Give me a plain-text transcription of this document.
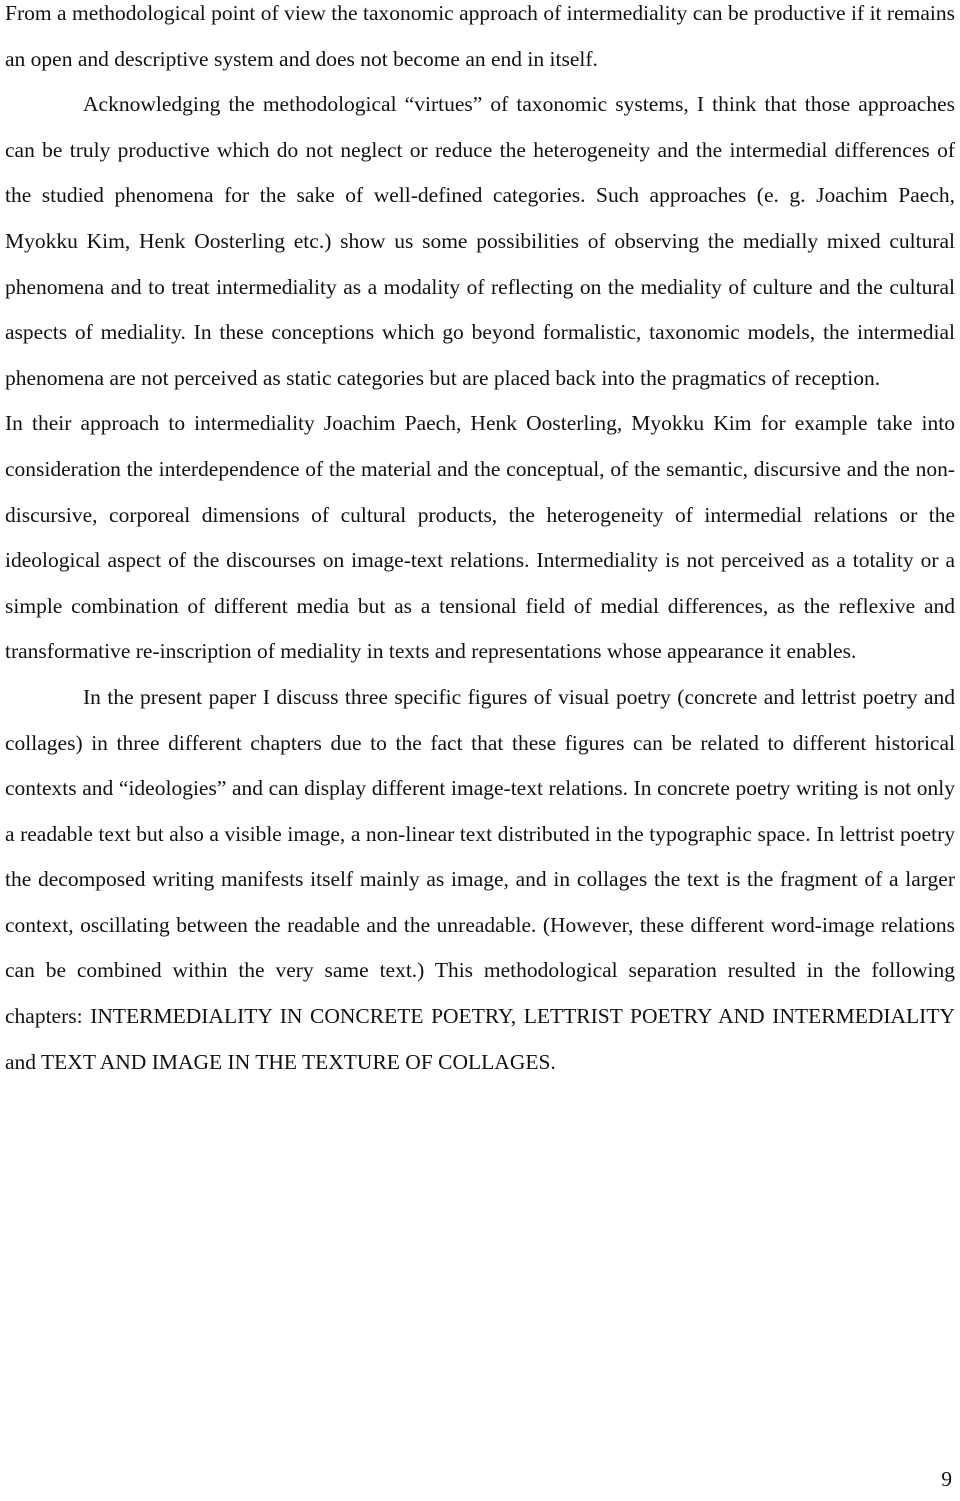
From a methodological point of view the taxonomic approach of intermediality can be productive if it remains an open and descriptive system and does not become an end in itself.

Acknowledging the methodological “virtues” of taxonomic systems, I think that those approaches can be truly productive which do not neglect or reduce the heterogeneity and the intermedial differences of the studied phenomena for the sake of well-defined categories. Such approaches (e. g. Joachim Paech, Myokku Kim, Henk Oosterling etc.) show us some possibilities of observing the medially mixed cultural phenomena and to treat intermediality as a modality of reflecting on the mediality of culture and the cultural aspects of mediality. In these conceptions which go beyond formalistic, taxonomic models, the intermedial phenomena are not perceived as static categories but are placed back into the pragmatics of reception.

In their approach to intermediality Joachim Paech, Henk Oosterling, Myokku Kim for example take into consideration the interdependence of the material and the conceptual, of the semantic, discursive and the non-discursive, corporeal dimensions of cultural products, the heterogeneity of intermedial relations or the ideological aspect of the discourses on image-text relations. Intermediality is not perceived as a totality or a simple combination of different media but as a tensional field of medial differences, as the reflexive and transformative re-inscription of mediality in texts and representations whose appearance it enables.

In the present paper I discuss three specific figures of visual poetry (concrete and lettrist poetry and collages) in three different chapters due to the fact that these figures can be related to different historical contexts and “ideologies” and can display different image-text relations. In concrete poetry writing is not only a readable text but also a visible image, a non-linear text distributed in the typographic space. In lettrist poetry the decomposed writing manifests itself mainly as image, and in collages the text is the fragment of a larger context, oscillating between the readable and the unreadable. (However, these different word-image relations can be combined within the very same text.) This methodological separation resulted in the following chapters: INTERMEDIALITY IN CONCRETE POETRY, LETTRIST POETRY AND INTERMEDIALITY and TEXT AND IMAGE IN THE TEXTURE OF COLLAGES.

9
